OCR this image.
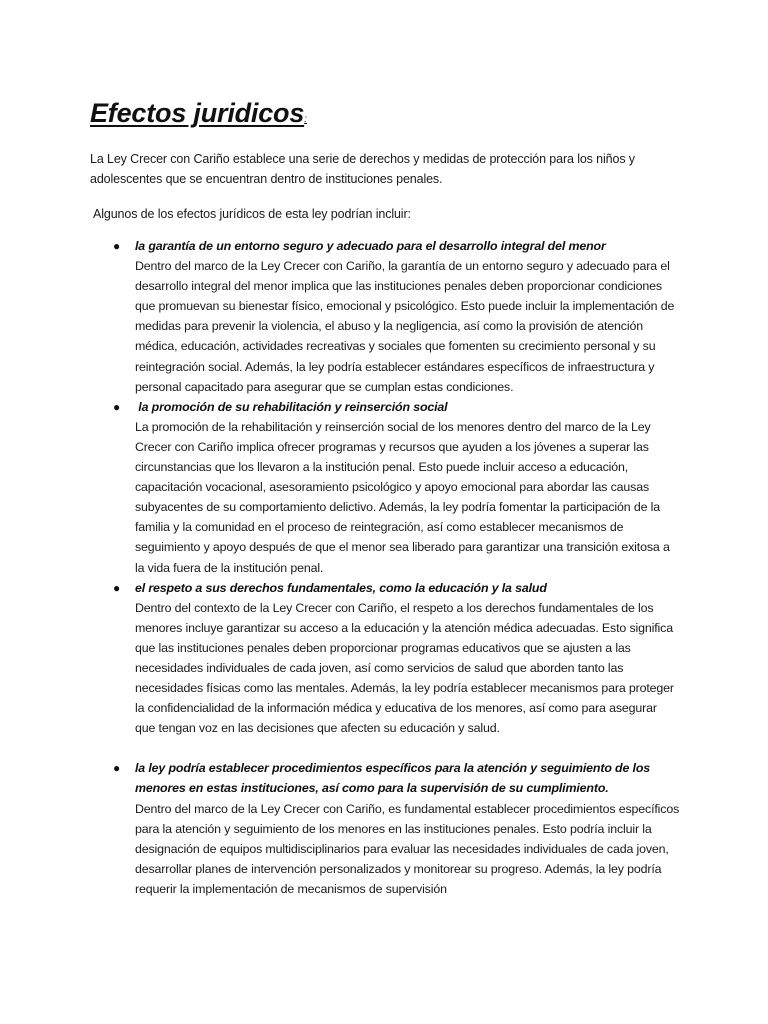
Efectos juridicos:

La Ley Crecer con Cariño establece una serie de derechos y medidas de protección para los niños y adolescentes que se encuentran dentro de instituciones penales.

Algunos de los efectos jurídicos de esta ley podrían incluir:

● la garantía de un entorno seguro y adecuado para el desarrollo integral del menor
Dentro del marco de la Ley Crecer con Cariño, la garantía de un entorno seguro y adecuado para el desarrollo integral del menor implica que las instituciones penales deben proporcionar condiciones que promuevan su bienestar físico, emocional y psicológico. Esto puede incluir la implementación de medidas para prevenir la violencia, el abuso y la negligencia, así como la provisión de atención médica, educación, actividades recreativas y sociales que fomenten su crecimiento personal y su reintegración social. Además, la ley podría establecer estándares específicos de infraestructura y personal capacitado para asegurar que se cumplan estas condiciones.
● la promoción de su rehabilitación y reinserción social
La promoción de la rehabilitación y reinserción social de los menores dentro del marco de la Ley Crecer con Cariño implica ofrecer programas y recursos que ayuden a los jóvenes a superar las circunstancias que los llevaron a la institución penal. Esto puede incluir acceso a educación, capacitación vocacional, asesoramiento psicológico y apoyo emocional para abordar las causas subyacentes de su comportamiento delictivo. Además, la ley podría fomentar la participación de la familia y la comunidad en el proceso de reintegración, así como establecer mecanismos de seguimiento y apoyo después de que el menor sea liberado para garantizar una transición exitosa a la vida fuera de la institución penal.
● el respeto a sus derechos fundamentales, como la educación y la salud
Dentro del contexto de la Ley Crecer con Cariño, el respeto a los derechos fundamentales de los menores incluye garantizar su acceso a la educación y la atención médica adecuadas. Esto significa que las instituciones penales deben proporcionar programas educativos que se ajusten a las necesidades individuales de cada joven, así como servicios de salud que aborden tanto las necesidades físicas como las mentales. Además, la ley podría establecer mecanismos para proteger la confidencialidad de la información médica y educativa de los menores, así como para asegurar que tengan voz en las decisiones que afecten su educación y salud.
● la ley podría establecer procedimientos específicos para la atención y seguimiento de los menores en estas instituciones, así como para la supervisión de su cumplimiento.
Dentro del marco de la Ley Crecer con Cariño, es fundamental establecer procedimientos específicos para la atención y seguimiento de los menores en las instituciones penales. Esto podría incluir la designación de equipos multidisciplinarios para evaluar las necesidades individuales de cada joven, desarrollar planes de intervención personalizados y monitorear su progreso. Además, la ley podría requerir la implementación de mecanismos de supervisión
